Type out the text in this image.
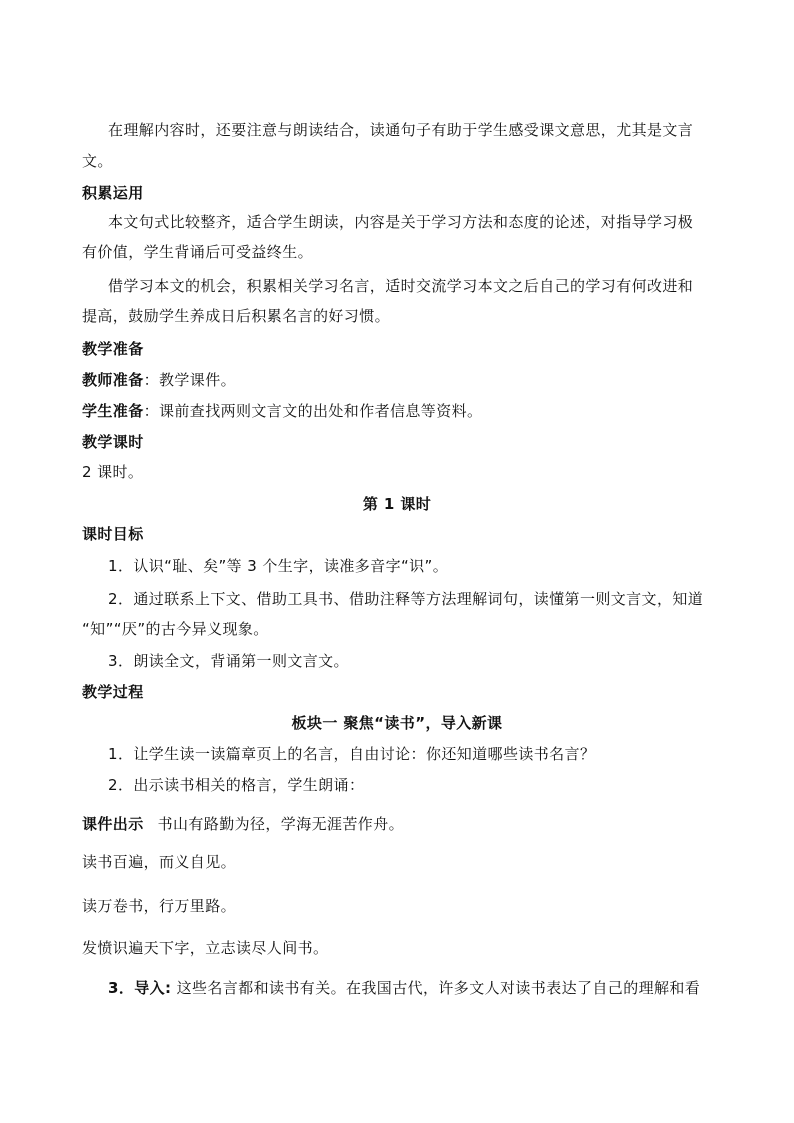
在理解内容时，还要注意与朗读结合，读通句子有助于学生感受课文意思，尤其是文言
文。
积累运用
本文句式比较整齐，适合学生朗读，内容是关于学习方法和态度的论述，对指导学习极
有价值，学生背诵后可受益终生。
借学习本文的机会，积累相关学习名言，适时交流学习本文之后自己的学习有何改进和
提高，鼓励学生养成日后积累名言的好习惯。
教学准备
教师准备：教学课件。
学生准备：课前查找两则文言文的出处和作者信息等资料。
教学课时
2 课时。
第 1 课时
课时目标
1．认识“耻、矣”等 3 个生字，读准多音字“识”。
2．通过联系上下文、借助工具书、借助注释等方法理解词句，读懂第一则文言文，知道
“知”“厌”的古今异义现象。
3．朗读全文，背诵第一则文言文。
教学过程
板块一 聚焦“读书”，导入新课
1．让学生读一读篇章页上的名言，自由讨论：你还知道哪些读书名言？
2．出示读书相关的格言，学生朗诵：
课件出示 书山有路勤为径，学海无涯苦作舟。
读书百遍，而义自见。
读万卷书，行万里路。
发愤识遍天下字，立志读尽人间书。
3．导入: 这些名言都和读书有关。在我国古代，许多文人对读书表达了自己的理解和看
